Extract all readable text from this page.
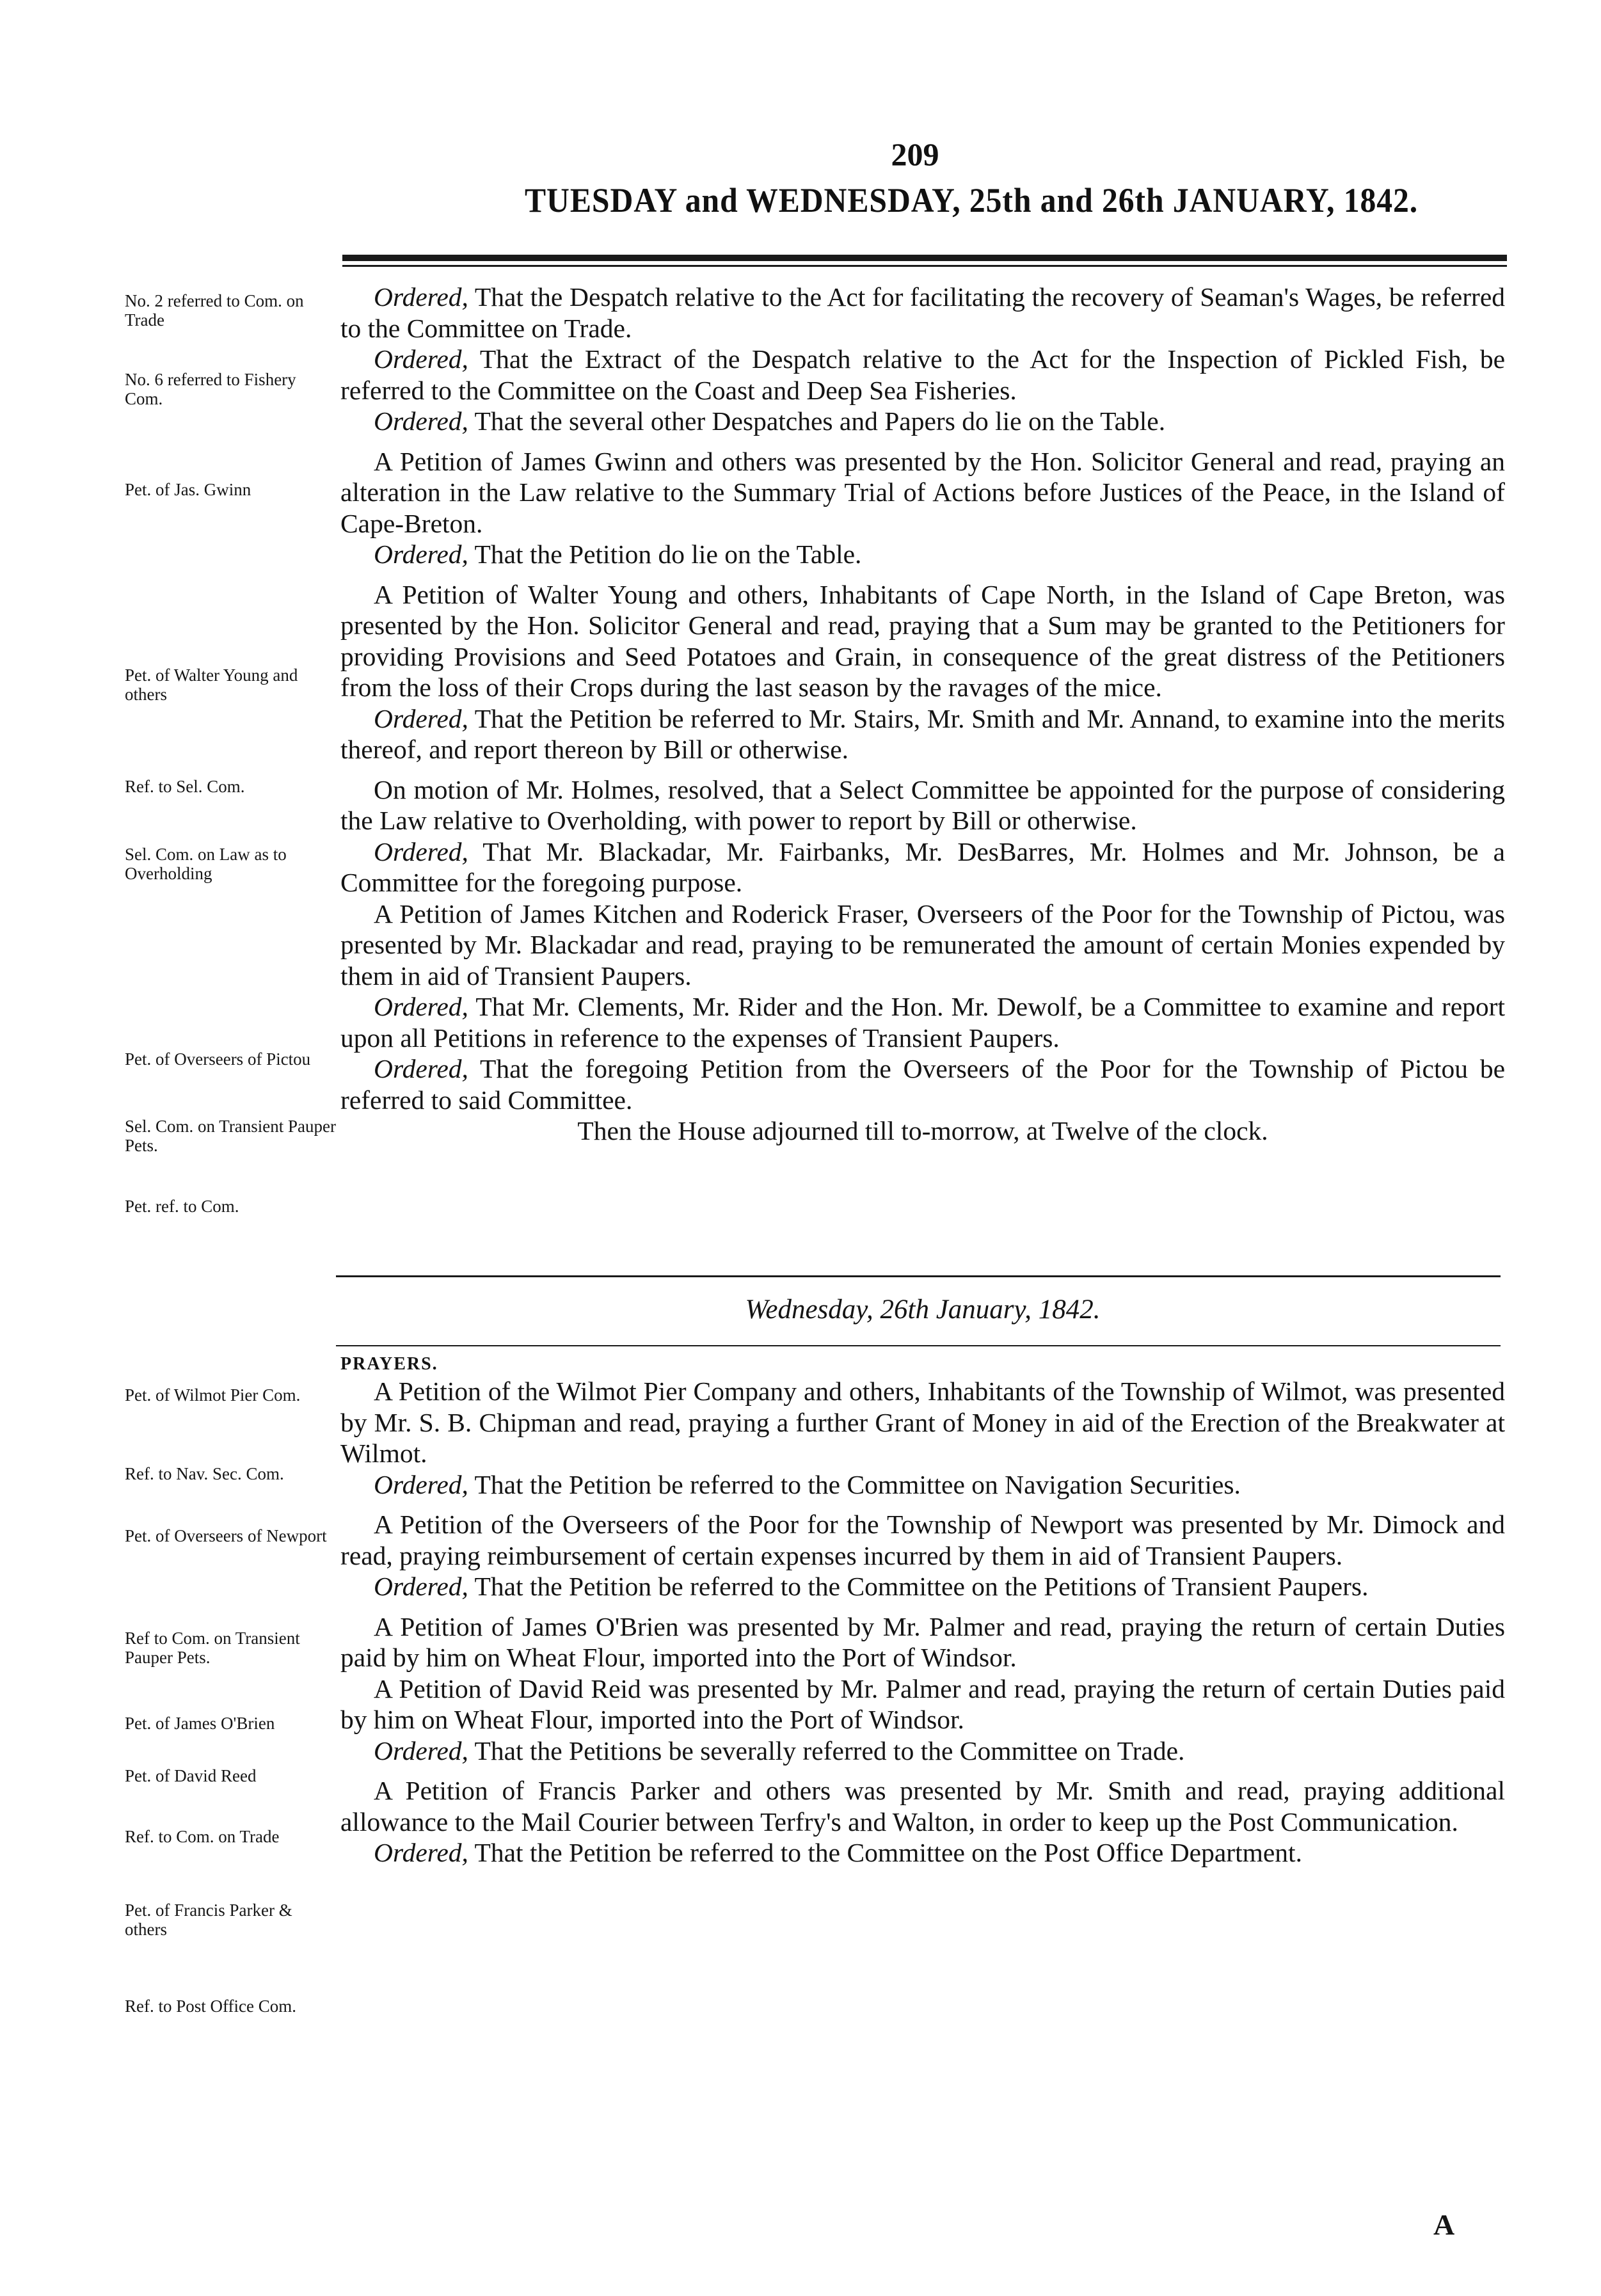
209
TUESDAY and WEDNESDAY, 25th and 26th JANUARY, 1842.
No. 2 referred to Com. on Trade
No. 6 referred to Fishery Com.
Pet. of Jas. Gwinn
Pet. of Walter Young and others
Ref. to Sel. Com.
Sel. Com. on Law as to Overholding
Pet. of Overseers of Pictou
Sel. Com. on Transient Pauper Pets.
Pet. ref. to Com.
Pet. of Wilmot Pier Com.
Ref. to Nav. Sec. Com.
Pet. of Overseers of Newport
Ref to Com. on Transient Pauper Pets.
Pet. of James O'Brien
Pet. of David Reed
Ref. to Com. on Trade
Pet. of Francis Parker & others
Ref. to Post Office Com.

Ordered, That the Despatch relative to the Act for facilitating the recovery of Seaman's Wages, be referred to the Committee on Trade.

Ordered, That the Extract of the Despatch relative to the Act for the Inspection of Pickled Fish, be referred to the Committee on the Coast and Deep Sea Fisheries.

Ordered, That the several other Despatches and Papers do lie on the Table.

A Petition of James Gwinn and others was presented by the Hon. Solicitor General and read, praying an alteration in the Law relative to the Summary Trial of Actions before Justices of the Peace, in the Island of Cape-Breton.

Ordered, That the Petition do lie on the Table.

A Petition of Walter Young and others, Inhabitants of Cape North, in the Island of Cape Breton, was presented by the Hon. Solicitor General and read, praying that a Sum may be granted to the Petitioners for providing Provisions and Seed Potatoes and Grain, in consequence of the great distress of the Petitioners from the loss of their Crops during the last season by the ravages of the mice.

Ordered, That the Petition be referred to Mr. Stairs, Mr. Smith and Mr. Annand, to examine into the merits thereof, and report thereon by Bill or otherwise.

On motion of Mr. Holmes, resolved, that a Select Committee be appointed for the purpose of considering the Law relative to Overholding, with power to report by Bill or otherwise.

Ordered, That Mr. Blackadar, Mr. Fairbanks, Mr. DesBarres, Mr. Holmes and Mr. Johnson, be a Committee for the foregoing purpose.

A Petition of James Kitchen and Roderick Fraser, Overseers of the Poor for the Township of Pictou, was presented by Mr. Blackadar and read, praying to be remunerated the amount of certain Monies expended by them in aid of Transient Paupers.

Ordered, That Mr. Clements, Mr. Rider and the Hon. Mr. Dewolf, be a Committee to examine and report upon all Petitions in reference to the expenses of Transient Paupers.

Ordered, That the foregoing Petition from the Overseers of the Poor for the Township of Pictou be referred to said Committee.

Then the House adjourned till to-morrow, at Twelve of the clock.

Wednesday, 26th January, 1842.
PRAYERS.

A Petition of the Wilmot Pier Company and others, Inhabitants of the Township of Wilmot, was presented by Mr. S. B. Chipman and read, praying a further Grant of Money in aid of the Erection of the Breakwater at Wilmot.

Ordered, That the Petition be referred to the Committee on Navigation Securities.

A Petition of the Overseers of the Poor for the Township of Newport was presented by Mr. Dimock and read, praying reimbursement of certain expenses incurred by them in aid of Transient Paupers.

Ordered, That the Petition be referred to the Committee on the Petitions of Transient Paupers.

A Petition of James O'Brien was presented by Mr. Palmer and read, praying the return of certain Duties paid by him on Wheat Flour, imported into the Port of Windsor.

A Petition of David Reid was presented by Mr. Palmer and read, praying the return of certain Duties paid by him on Wheat Flour, imported into the Port of Windsor.

Ordered, That the Petitions be severally referred to the Committee on Trade.

A Petition of Francis Parker and others was presented by Mr. Smith and read, praying additional allowance to the Mail Courier between Terfry's and Walton, in order to keep up the Post Communication.

Ordered, That the Petition be referred to the Committee on the Post Office Department.

A
